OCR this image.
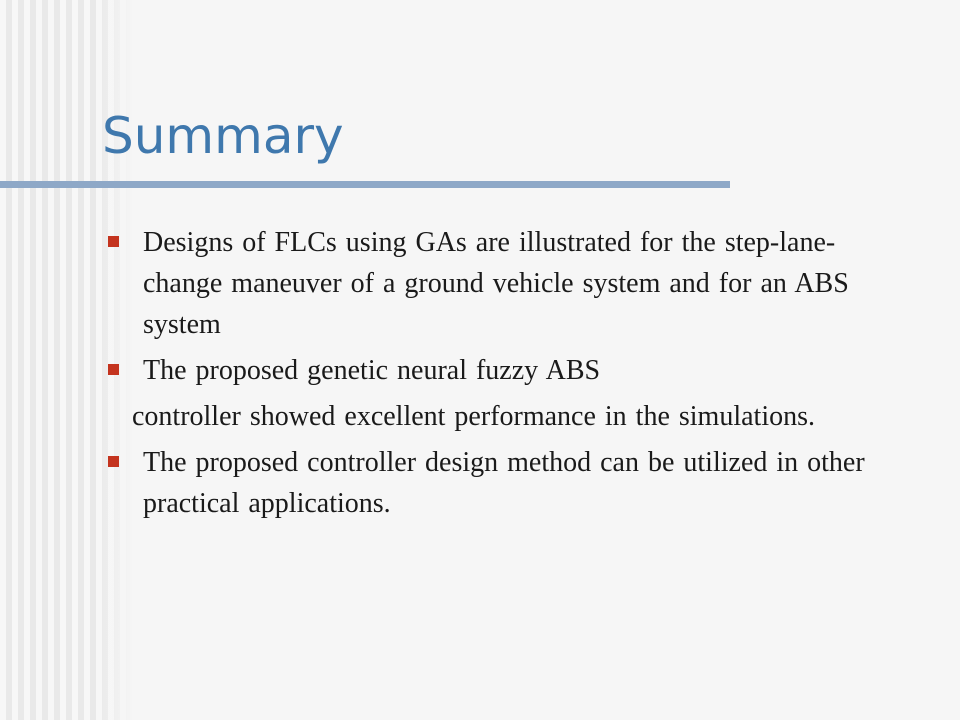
Summary
Designs of FLCs using GAs are illustrated for the step-lane-change maneuver of a ground vehicle system and for an ABS system
The proposed genetic neural fuzzy ABS
controller showed excellent performance in the simulations.
The proposed controller design method can be utilized in other practical applications.
